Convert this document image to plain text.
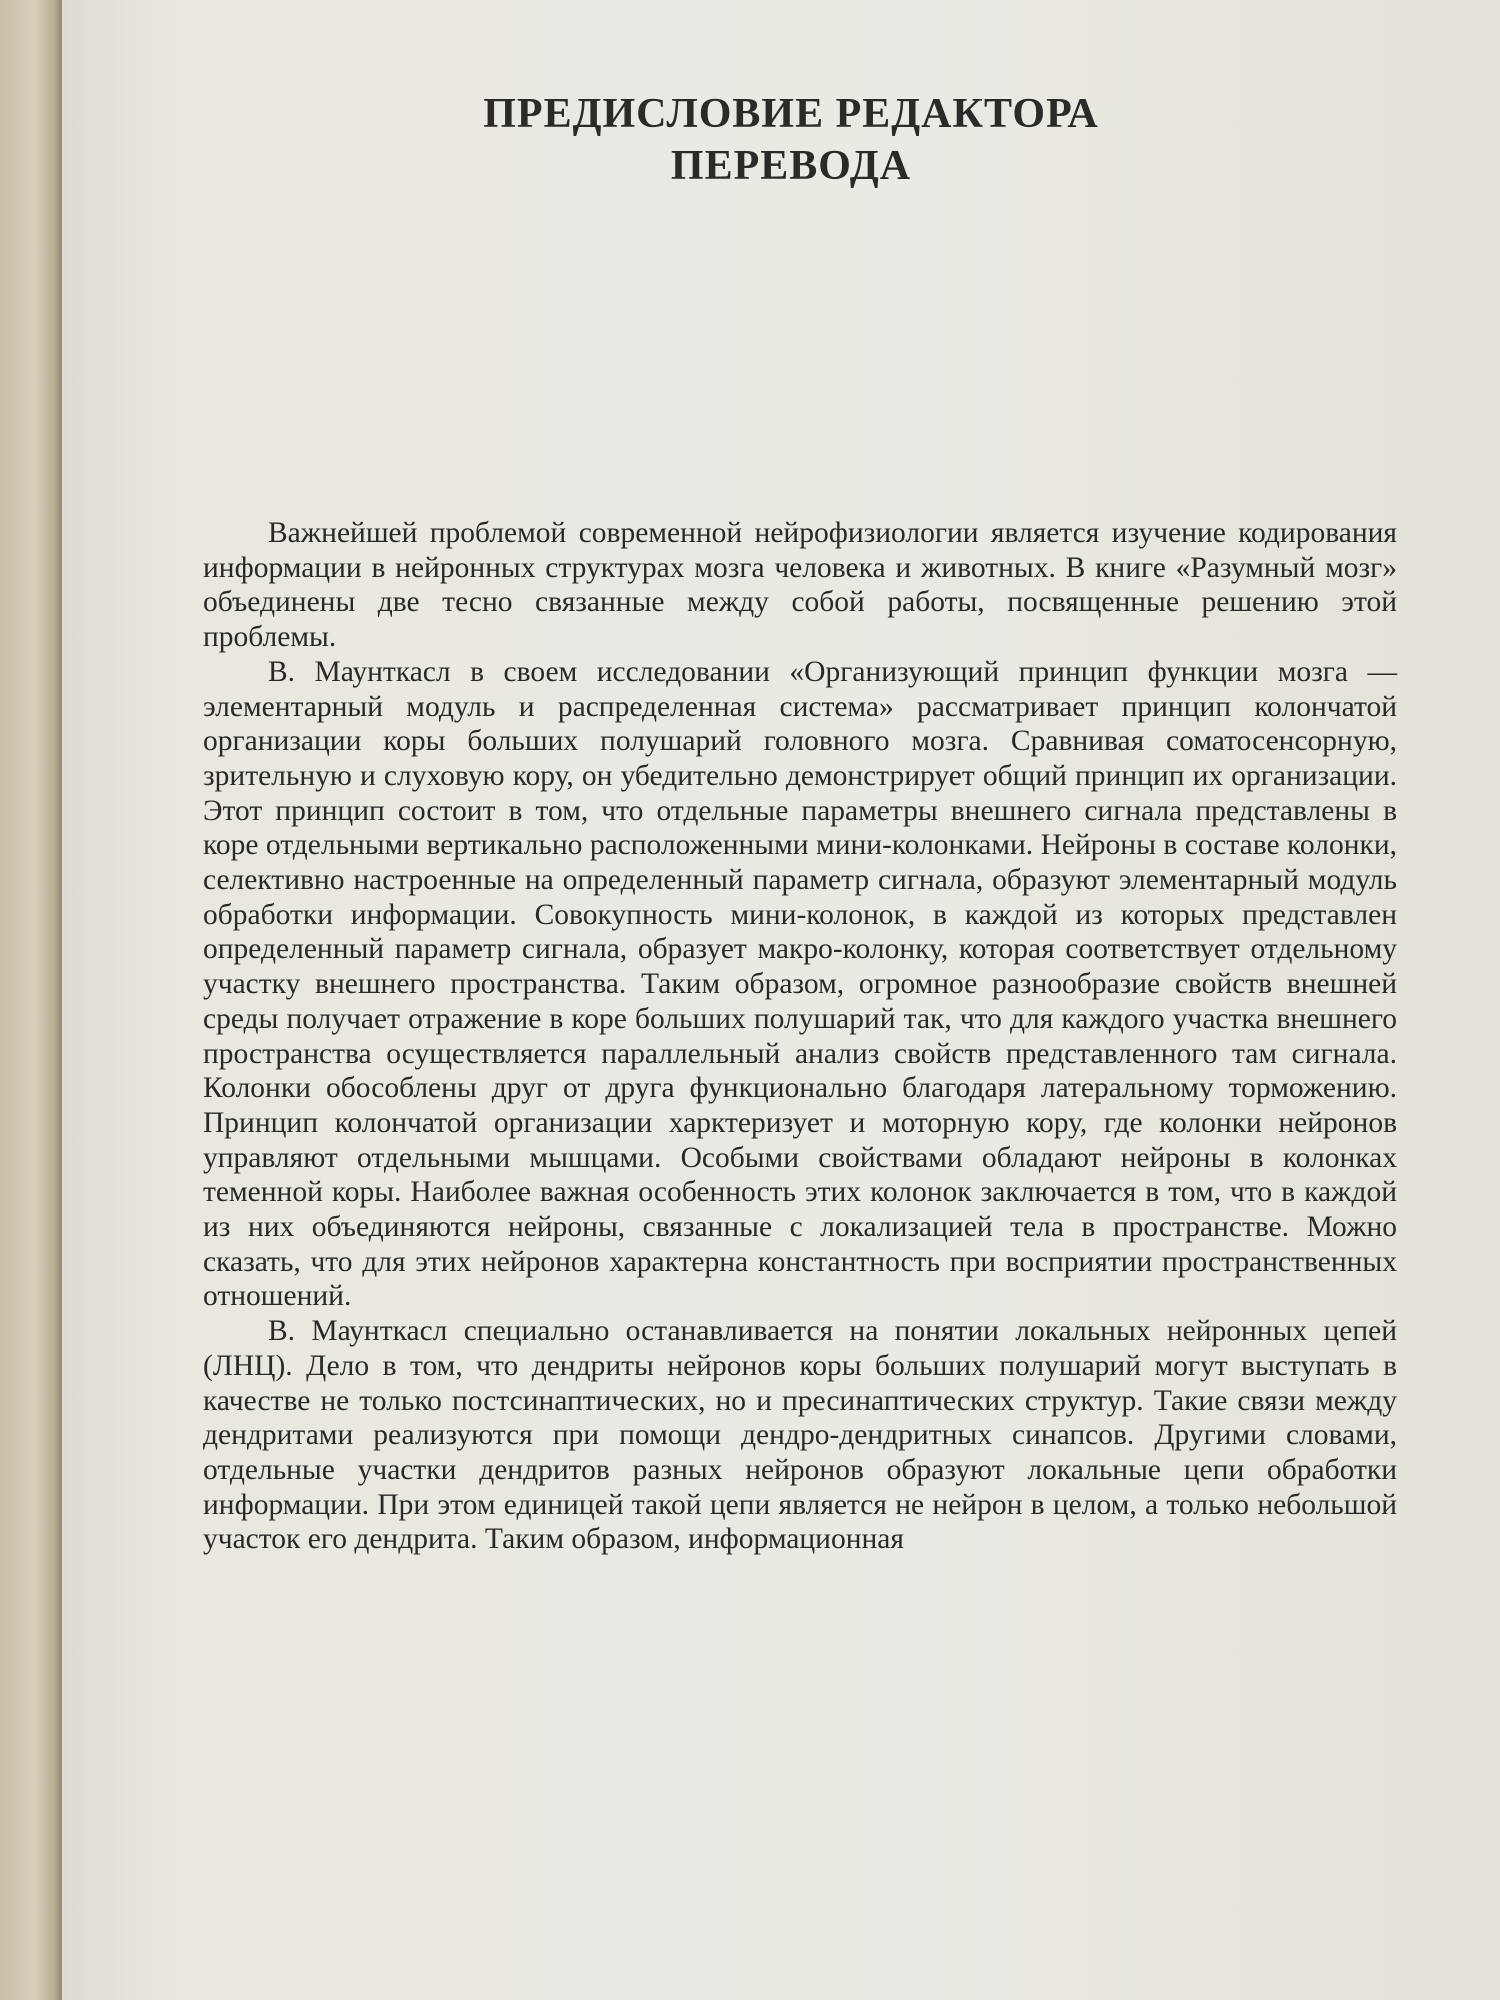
ПРЕДИСЛОВИЕ РЕДАКТОРА
ПЕРЕВОДА

Важнейшей проблемой современной нейрофизиологии является изучение кодирования информации в нейронных структурах мозга человека и животных. В книге «Разумный мозг» объединены две тесно связанные между собой работы, посвященные решению этой проблемы.

В. Маунткасл в своем исследовании «Организующий принцип функции мозга — элементарный модуль и распределенная система» рассматривает принцип колончатой организации коры больших полушарий головного мозга. Сравнивая соматосенсорную, зрительную и слуховую кору, он убедительно демонстрирует общий принцип их организации. Этот принцип состоит в том, что отдельные параметры внешнего сигнала представлены в коре отдельными вертикально расположенными мини-колонками. Нейроны в составе колонки, селективно настроенные на определенный параметр сигнала, образуют элементарный модуль обработки информации. Совокупность мини-колонок, в каждой из которых представлен определенный параметр сигнала, образует макро-колонку, которая соответствует отдельному участку внешнего пространства. Таким образом, огромное разнообразие свойств внешней среды получает отражение в коре больших полушарий так, что для каждого участка внешнего пространства осуществляется параллельный анализ свойств представленного там сигнала. Колонки обособлены друг от друга функционально благодаря латеральному торможению. Принцип колончатой организации харктеризует и моторную кору, где колонки нейронов управляют отдельными мышцами. Особыми свойствами обладают нейроны в колонках теменной коры. Наиболее важная особенность этих колонок заключается в том, что в каждой из них объединяются нейроны, связанные с локализацией тела в пространстве. Можно сказать, что для этих нейронов характерна константность при восприятии пространственных отношений.

В. Маунткасл специально останавливается на понятии локальных нейронных цепей (ЛНЦ). Дело в том, что дендриты нейронов коры больших полушарий могут выступать в качестве не только постсинаптических, но и пресинаптических структур. Такие связи между дендритами реализуются при помощи дендро-дендритных синапсов. Другими словами, отдельные участки дендритов разных нейронов образуют локальные цепи обработки информации. При этом единицей такой цепи является не нейрон в целом, а только небольшой участок его дендрита. Таким образом, информационная
